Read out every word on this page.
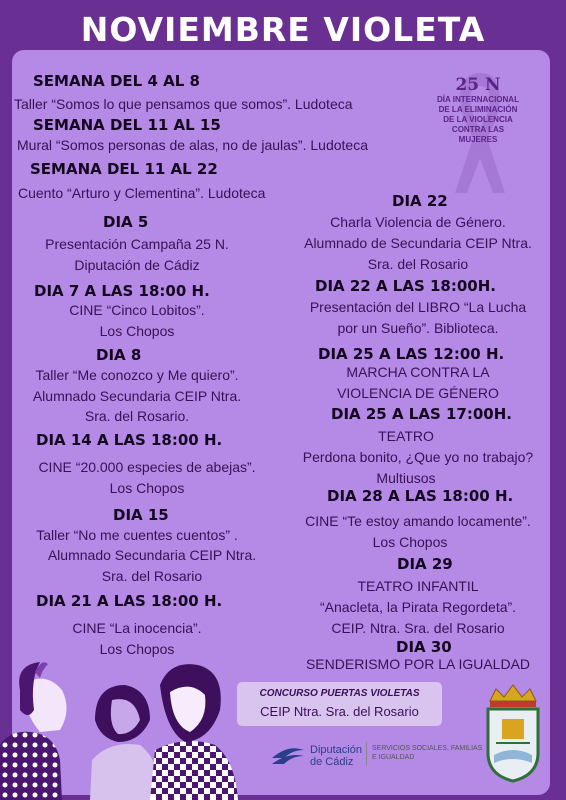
NOVIEMBRE VIOLETA
25 N
DÍA INTERNACIONAL
DE LA ELIMINACIÓN
DE LA VIOLENCIA
CONTRA LAS
MUJERES
SEMANA DEL 4 AL 8
Taller “Somos lo que pensamos que somos”. Ludoteca
SEMANA DEL 11 AL 15
Mural “Somos personas de alas, no de jaulas”. Ludoteca
SEMANA DEL 11 AL 22
Cuento “Arturo y Clementina”. Ludoteca
DIA 5
Presentación Campaña 25 N.
Diputación de Cádiz
DIA 7 A LAS 18:00 H.
CINE “Cinco Lobitos”.
Los Chopos
DIA 8
Taller “Me conozco y Me quiero”.
Alumnado Secundaria CEIP Ntra.
Sra. del Rosario.
DIA 14 A LAS 18:00 H.
CINE “20.000 especies de abejas”.
Los Chopos
DIA 15
Taller “No me cuentes cuentos” .
Alumnado Secundaria CEIP Ntra.
Sra. del Rosario
DIA 21 A LAS 18:00 H.
CINE “La inocencia”.
Los Chopos
DIA 22
Charla Violencia de Género.
Alumnado de Secundaria CEIP Ntra.
Sra. del Rosario
DIA 22 A LAS 18:00H.
Presentación del LIBRO “La Lucha
por un Sueño”. Biblioteca.
DIA 25 A LAS 12:00 H.
MARCHA CONTRA LA
VIOLENCIA DE GÉNERO
DIA 25 A LAS 17:00H.
TEATRO
Perdona bonito, ¿Que yo no trabajo?
Multiusos
DIA 28 A LAS 18:00 H.
CINE “Te estoy amando locamente”.
Los Chopos
DIA 29
TEATRO INFANTIL
“Anacleta, la Pirata Regordeta”.
CEIP. Ntra. Sra. del Rosario
DIA 30
SENDERISMO POR LA IGUALDAD
CONCURSO PUERTAS VIOLETAS
CEIP Ntra. Sra. del Rosario
Diputación
de Cádiz
SERVICIOS SOCIALES, FAMILIAS E IGUALDAD
